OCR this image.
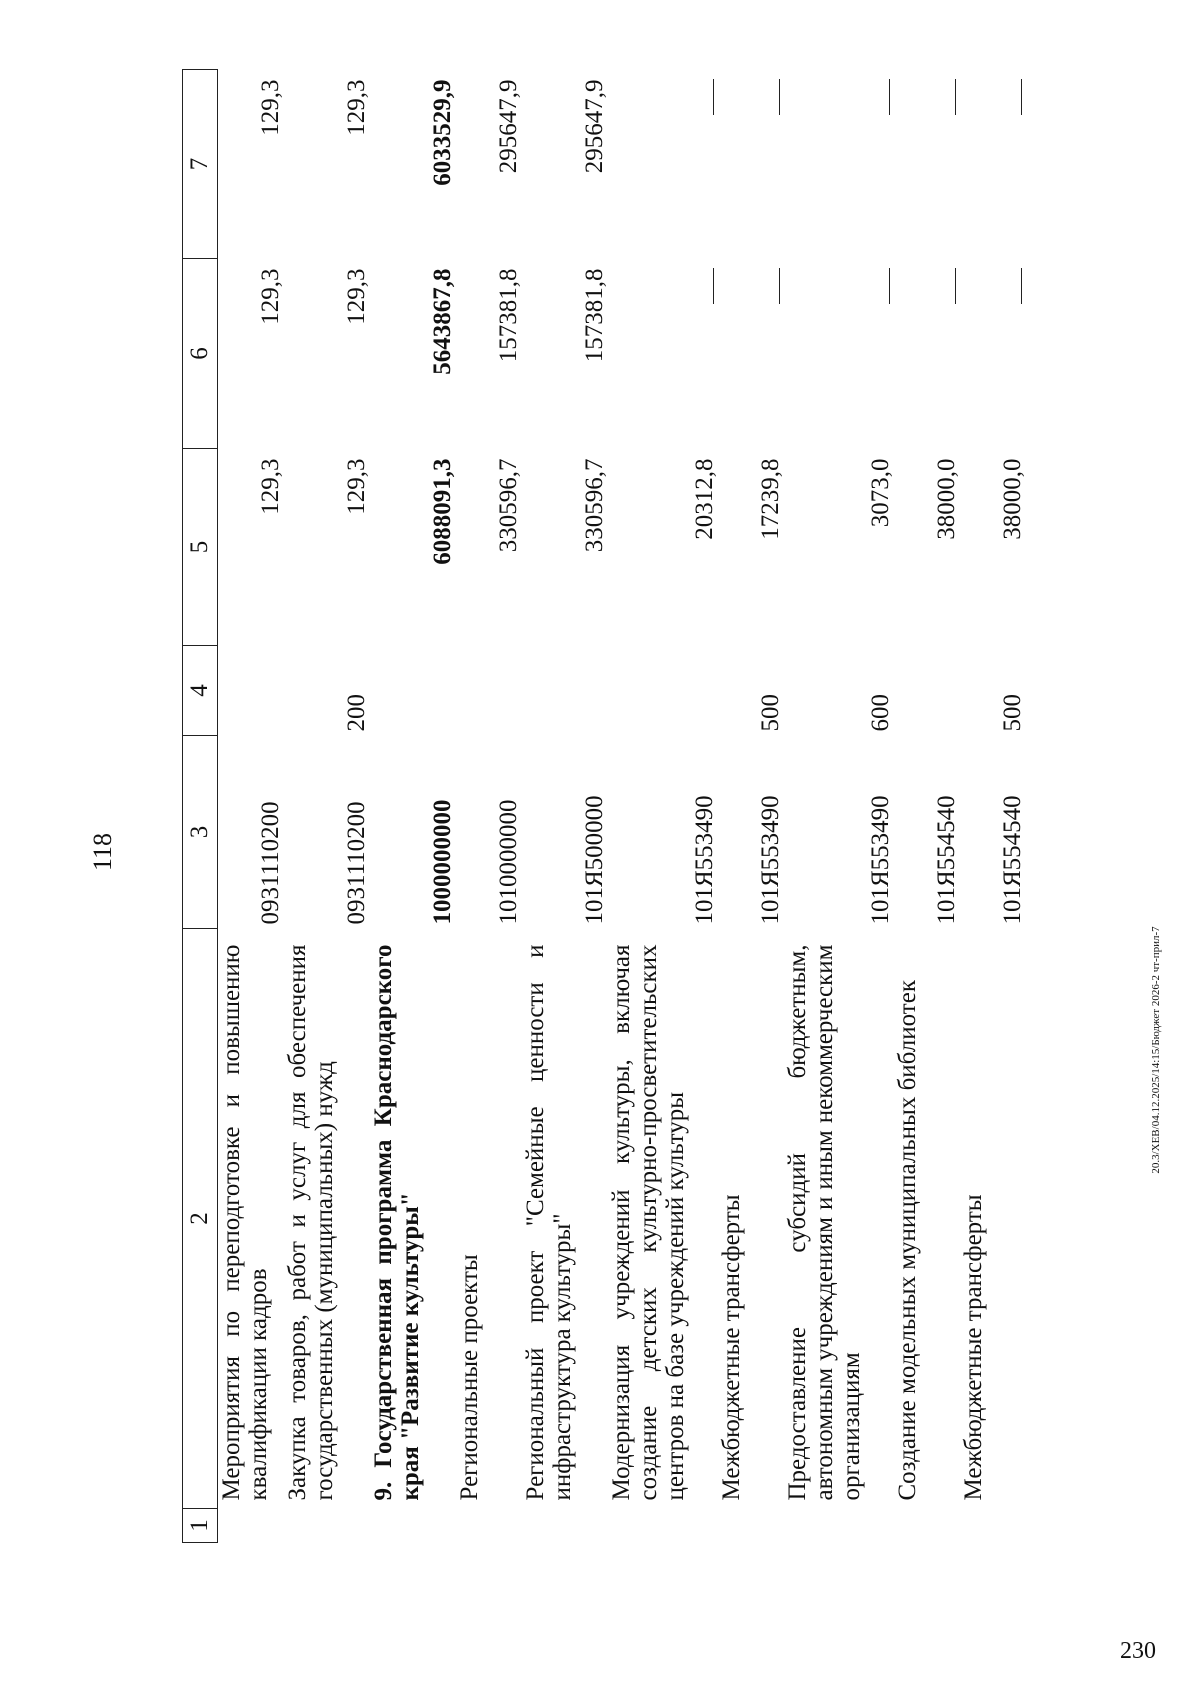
118
230
20.3/ХЕВ/04.12.2025/14:15/Бюджет 2026-2 чт-прил-7
1	2	3	4	5	6	7
	Мероприятия по переподготовке и повышению квалификации кадров	0931110200		129,3	129,3	129,3
	Закупка товаров, работ и услуг для обеспечения государственных (муниципальных) нужд	0931110200	200	129,3	129,3	129,3
	9.Государственная программа Краснодарского края "Развитие культуры"	1000000000		6088091,3	5643867,8	6033529,9
	Региональные проекты	1010000000		330596,7	157381,8	295647,9
	Региональный проект "Семейные ценности и инфраструктура культуры"	101Я500000		330596,7	157381,8	295647,9
	Модернизация учреждений культуры, включая создание детских культурно-просветительских центров на базе учреждений культуры	101Я553490		20312,8		
	Межбюджетные трансферты	101Я553490	500	17239,8		
	Предоставление субсидий бюджетным, автономным учреждениям и иным некоммерческим организациям	101Я553490	600	3073,0		
	Создание модельных муниципальных библиотек	101Я554540		38000,0		
	Межбюджетные трансферты	101Я554540	500	38000,0		
